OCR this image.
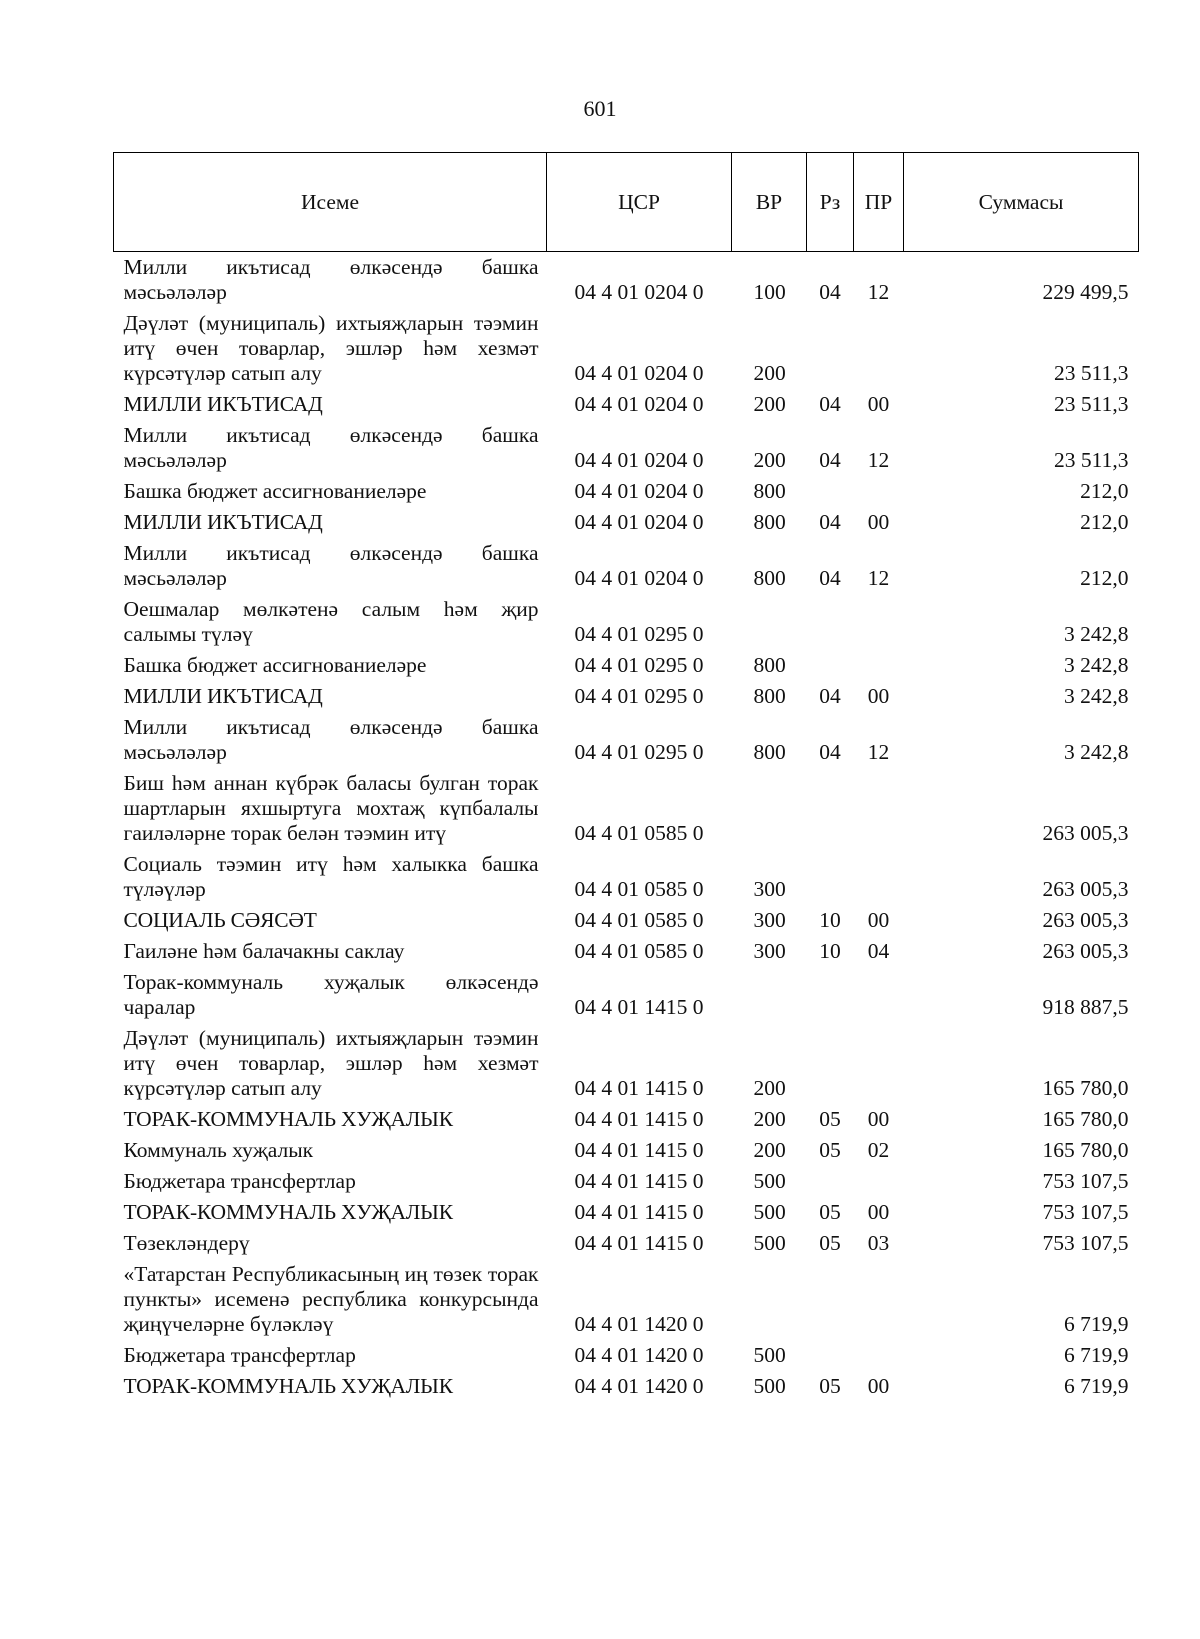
601
Исеме	ЦСР	ВР	Рз	ПР	Суммасы
Милли икътисад өлкәсендә башка мәсьәләләр	04 4 01 0204 0	100	04	12	229 499,5
Дәүләт (муниципаль) ихтыяҗларын тәэмин итү өчен товарлар, эшләр һәм хезмәт күрсәтүләр сатып алу	04 4 01 0204 0	200			23 511,3
МИЛЛИ ИКЪТИСАД	04 4 01 0204 0	200	04	00	23 511,3
Милли икътисад өлкәсендә башка мәсьәләләр	04 4 01 0204 0	200	04	12	23 511,3
Башка бюджет ассигнованиеләре	04 4 01 0204 0	800			212,0
МИЛЛИ ИКЪТИСАД	04 4 01 0204 0	800	04	00	212,0
Милли икътисад өлкәсендә башка мәсьәләләр	04 4 01 0204 0	800	04	12	212,0
Оешмалар мөлкәтенә салым һәм җир салымы түләү	04 4 01 0295 0				3 242,8
Башка бюджет ассигнованиеләре	04 4 01 0295 0	800			3 242,8
МИЛЛИ ИКЪТИСАД	04 4 01 0295 0	800	04	00	3 242,8
Милли икътисад өлкәсендә башка мәсьәләләр	04 4 01 0295 0	800	04	12	3 242,8
Биш һәм аннан күбрәк баласы булган торак шартларын яхшыртуга мохтаҗ күпбалалы гаиләләрне торак белән тәэмин итү	04 4 01 0585 0				263 005,3
Социаль тәэмин итү һәм халыкка башка түләүләр	04 4 01 0585 0	300			263 005,3
СОЦИАЛЬ СӘЯСӘТ	04 4 01 0585 0	300	10	00	263 005,3
Гаиләне һәм балачакны саклау	04 4 01 0585 0	300	10	04	263 005,3
Торак-коммуналь хуҗалык өлкәсендә чаралар	04 4 01 1415 0				918 887,5
Дәүләт (муниципаль) ихтыяҗларын тәэмин итү өчен товарлар, эшләр һәм хезмәт күрсәтүләр сатып алу	04 4 01 1415 0	200			165 780,0
ТОРАК-КОММУНАЛЬ ХУҖАЛЫК	04 4 01 1415 0	200	05	00	165 780,0
Коммуналь хуҗалык	04 4 01 1415 0	200	05	02	165 780,0
Бюджетара трансфертлар	04 4 01 1415 0	500			753 107,5
ТОРАК-КОММУНАЛЬ ХУҖАЛЫК	04 4 01 1415 0	500	05	00	753 107,5
Төзекләндерү	04 4 01 1415 0	500	05	03	753 107,5
«Татарстан Республикасының иң төзек торак пункты» исеменә республика конкурсында җиңүчеләрне бүләкләү	04 4 01 1420 0				6 719,9
Бюджетара трансфертлар	04 4 01 1420 0	500			6 719,9
ТОРАК-КОММУНАЛЬ ХУҖАЛЫК	04 4 01 1420 0	500	05	00	6 719,9
